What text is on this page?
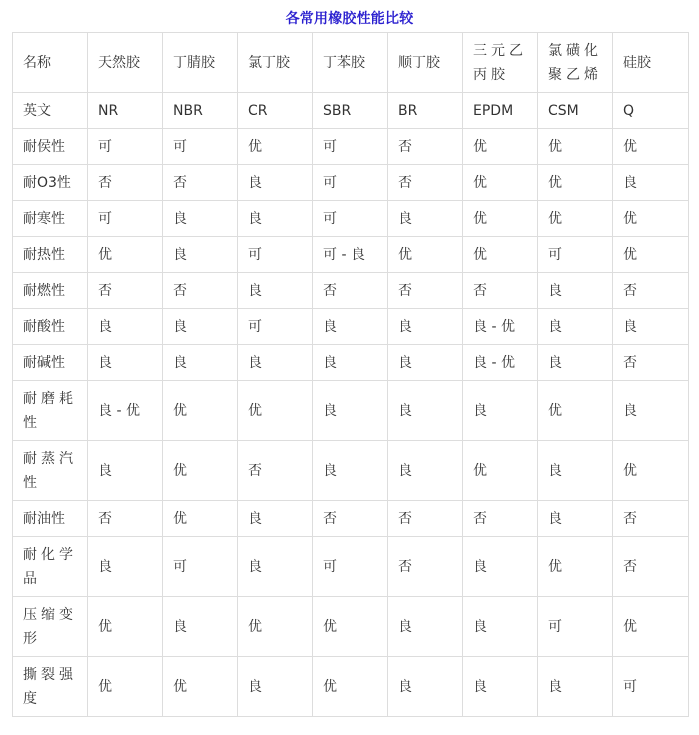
各常用橡胶性能比较
名称	天然胶	丁腈胶	氯丁胶	丁苯胶	顺丁胶	三元乙丙胶	氯磺化聚乙烯	硅胶
英文	NR	NBR	CR	SBR	BR	EPDM	CSM	Q
耐侯性	可	可	优	可	否	优	优	优
耐O3性	否	否	良	可	否	优	优	良
耐寒性	可	良	良	可	良	优	优	优
耐热性	优	良	可	可 - 良	优	优	可	优
耐燃性	否	否	良	否	否	否	良	否
耐酸性	良	良	可	良	良	良 - 优	良	良
耐碱性	良	良	良	良	良	良 - 优	良	否
耐磨耗性	良 - 优	优	优	良	良	良	优	良
耐蒸汽性	良	优	否	良	良	优	良	优
耐油性	否	优	良	否	否	否	良	否
耐化学品	良	可	良	可	否	良	优	否
压缩变形	优	良	优	优	良	良	可	优
撕裂强度	优	优	良	优	良	良	良	可
